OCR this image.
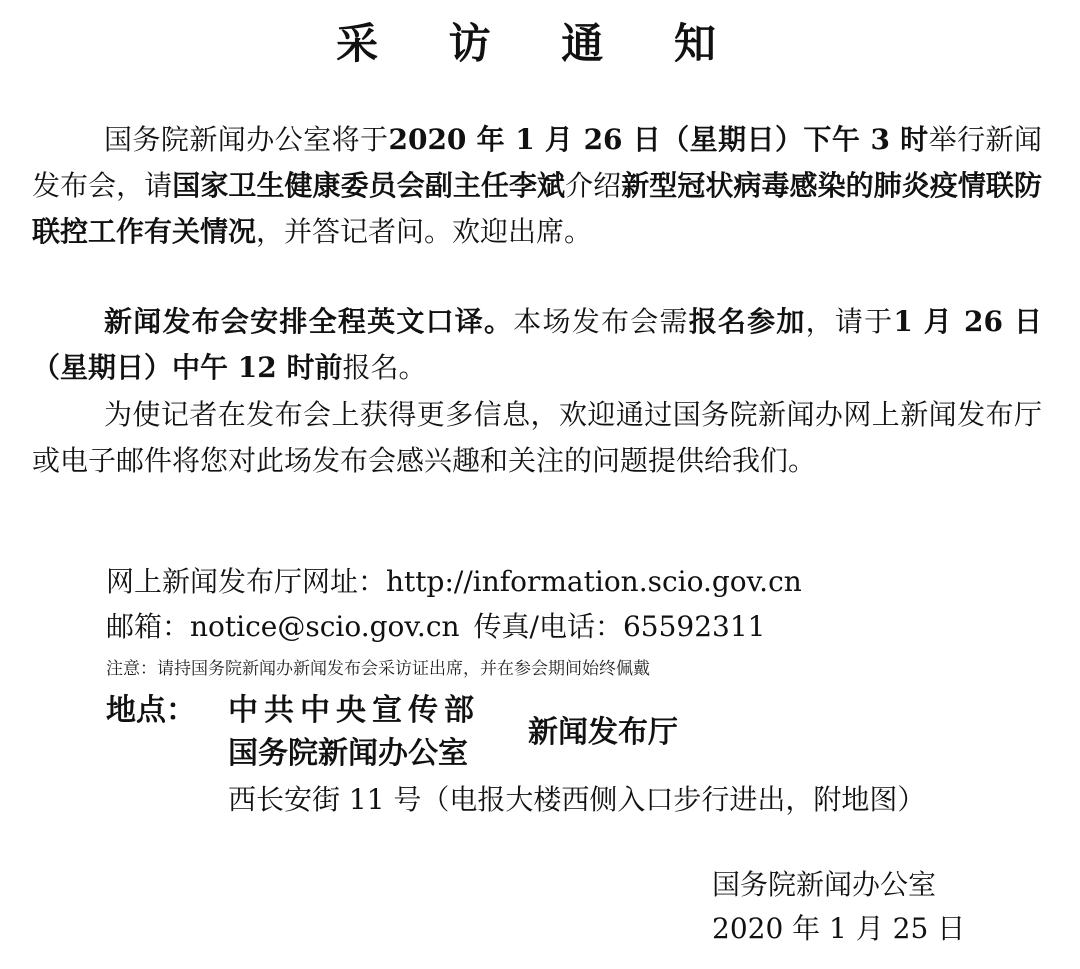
采 访 通 知

国务院新闻办公室将于2020 年 1 月 26 日（星期日）下午 3 时举行新闻发布会，请国家卫生健康委员会副主任李斌介绍新型冠状病毒感染的肺炎疫情联防联控工作有关情况，并答记者问。欢迎出席。

新闻发布会安排全程英文口译。本场发布会需报名参加，请于1 月 26 日（星期日）中午 12 时前报名。

为使记者在发布会上获得更多信息，欢迎通过国务院新闻办网上新闻发布厅或电子邮件将您对此场发布会感兴趣和关注的问题提供给我们。

网上新闻发布厅网址：http://information.scio.gov.cn
邮箱：notice@scio.gov.cn 传真/电话：65592311
注意：请持国务院新闻办新闻发布会采访证出席，并在参会期间始终佩戴
地点： 中共中央宣传部
国务院新闻办公室
新闻发布厅
西长安街 11 号（电报大楼西侧入口步行进出，附地图）
国务院新闻办公室
2020 年 1 月 25 日
